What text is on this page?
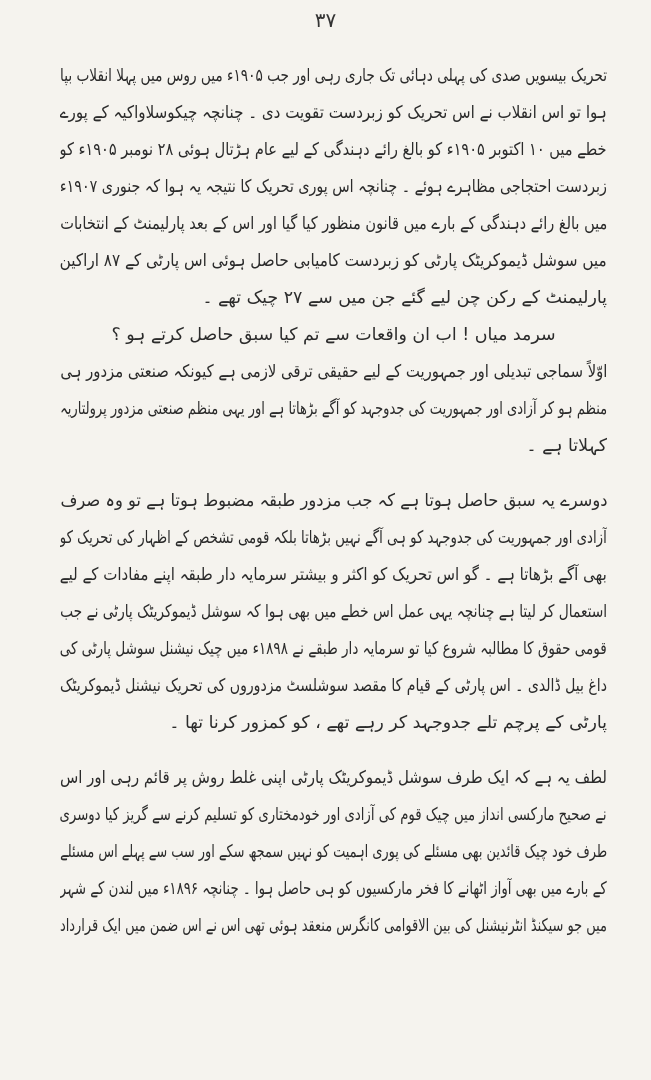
۳۷

تحریک بیسویں صدی کی پہلی دہائی تک جاری رہی اور جب ۱۹۰۵ء میں روس میں پہلا انقلاب بپا
ہوا تو اس انقلاب نے اس تحریک کو زبردست تقویت دی ۔ چنانچہ چیکوسلاواکیہ کے پورے
خطے میں ۱۰ اکتوبر ۱۹۰۵ء کو بالغ رائے دہندگی کے لیے عام ہڑتال ہوئی ۲۸ نومبر ۱۹۰۵ء کو
زبردست احتجاجی مظاہرے ہوئے ۔ چنانچہ اس پوری تحریک کا نتیجہ یہ ہوا کہ جنوری ۱۹۰۷ء
میں بالغ رائے دہندگی کے بارے میں قانون منظور کیا گیا اور اس کے بعد پارلیمنٹ کے انتخابات
میں سوشل ڈیموکریٹک پارٹی کو زبردست کامیابی حاصل ہوئی اس پارٹی کے ۸۷ اراکین
پارلیمنٹ کے رکن چن لیے گئے جن میں سے ۲۷ چیک تھے ۔

سرمد میاں ! اب ان واقعات سے تم کیا سبق حاصل کرتے ہو ؟

اوّلاً سماجی تبدیلی اور جمہوریت کے لیے حقیقی ترقی لازمی ہے کیونکہ صنعتی مزدور ہی
منظم ہو کر آزادی اور جمہوریت کی جدوجہد کو آگے بڑھاتا ہے اور یہی منظم صنعتی مزدور پرولتاریہ
کہلاتا ہے ۔

دوسرے یہ سبق حاصل ہوتا ہے کہ جب مزدور طبقہ مضبوط ہوتا ہے تو وہ صرف
آزادی اور جمہوریت کی جدوجہد کو ہی آگے نہیں بڑھاتا بلکہ قومی تشخص کے اظہار کی تحریک کو
بھی آگے بڑھاتا ہے ۔ گو اس تحریک کو اکثر و بیشتر سرمایہ دار طبقہ اپنے مفادات کے لیے
استعمال کر لیتا ہے چنانچہ یہی عمل اس خطے میں بھی ہوا کہ سوشل ڈیموکریٹک پارٹی نے جب
قومی حقوق کا مطالبہ شروع کیا تو سرمایہ دار طبقے نے ۱۸۹۸ء میں چیک نیشنل سوشل پارٹی کی
داغ بیل ڈالدی ۔ اس پارٹی کے قیام کا مقصد سوشلسٹ مزدوروں کی تحریک نیشنل ڈیموکریٹک
پارٹی کے پرچم تلے جدوجہد کر رہے تھے ، کو کمزور کرنا تھا ۔

لطف یہ ہے کہ ایک طرف سوشل ڈیموکریٹک پارٹی اپنی غلط روش پر قائم رہی اور اس
نے صحیح مارکسی انداز میں چیک قوم کی آزادی اور خودمختاری کو تسلیم کرنے سے گریز کیا دوسری
طرف خود چیک قائدین بھی مسئلے کی پوری اہمیت کو نہیں سمجھ سکے اور سب سے پہلے اس مسئلے
کے بارے میں بھی آواز اٹھانے کا فخر مارکسیوں کو ہی حاصل ہوا ۔ چنانچہ ۱۸۹۶ء میں لندن کے شہر
میں جو سیکنڈ انٹرنیشنل کی بین الاقوامی کانگرس منعقد ہوئی تھی اس نے اس ضمن میں ایک قرارداد
